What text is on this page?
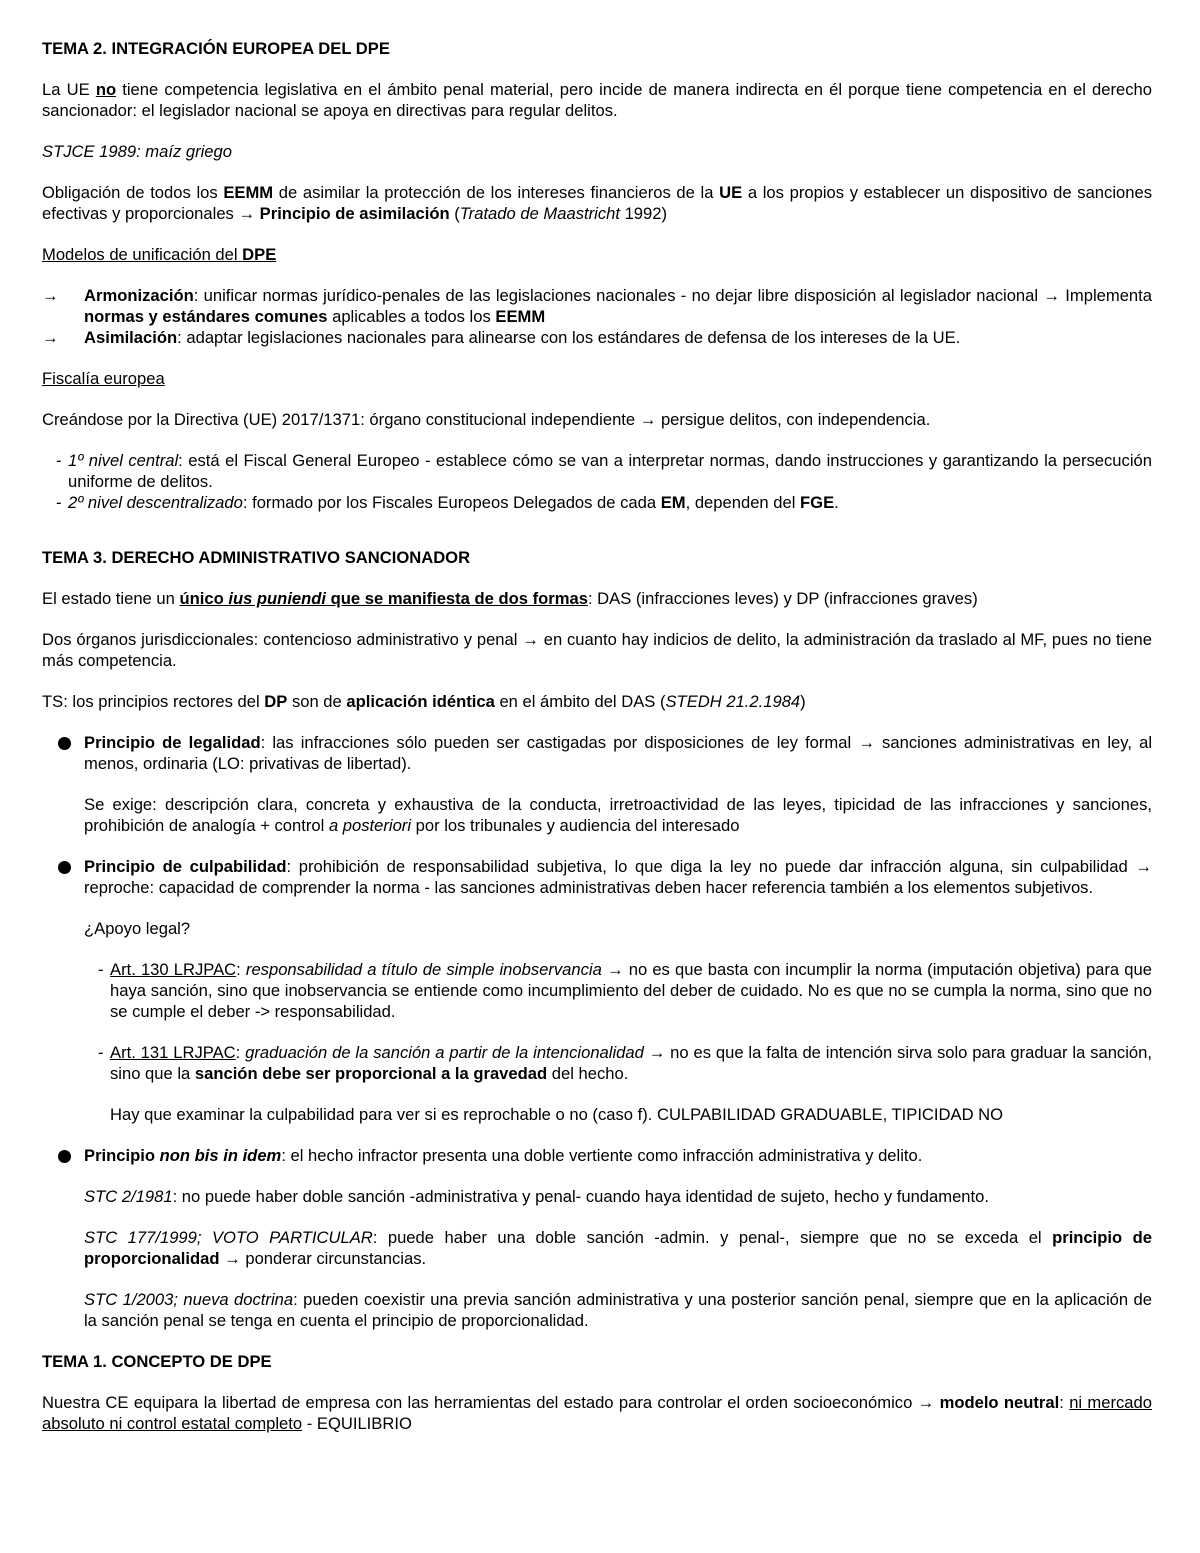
TEMA 2. INTEGRACIÓN EUROPEA DEL DPE

La UE no tiene competencia legislativa en el ámbito penal material, pero incide de manera indirecta en él porque tiene competencia en el derecho sancionador: el legislador nacional se apoya en directivas para regular delitos.

STJCE 1989: maíz griego

Obligación de todos los EEMM de asimilar la protección de los intereses financieros de la UE a los propios y establecer un dispositivo de sanciones efectivas y proporcionales → Principio de asimilación (Tratado de Maastricht 1992)

Modelos de unificación del DPE

→ Armonización: unificar normas jurídico-penales de las legislaciones nacionales - no dejar libre disposición al legislador nacional → Implementa normas y estándares comunes aplicables a todos los EEMM
→ Asimilación: adaptar legislaciones nacionales para alinearse con los estándares de defensa de los intereses de la UE.

Fiscalía europea

Creándose por la Directiva (UE) 2017/1371: órgano constitucional independiente → persigue delitos, con independencia.

- 1º nivel central: está el Fiscal General Europeo - establece cómo se van a interpretar normas, dando instrucciones y garantizando la persecución uniforme de delitos.
- 2º nivel descentralizado: formado por los Fiscales Europeos Delegados de cada EM, dependen del FGE.
TEMA 3. DERECHO ADMINISTRATIVO SANCIONADOR

El estado tiene un único ius puniendi que se manifiesta de dos formas: DAS (infracciones leves) y DP (infracciones graves)

Dos órganos jurisdiccionales: contencioso administrativo y penal → en cuanto hay indicios de delito, la administración da traslado al MF, pues no tiene más competencia.

TS: los principios rectores del DP son de aplicación idéntica en el ámbito del DAS (STEDH 21.2.1984)

Principio de legalidad: las infracciones sólo pueden ser castigadas por disposiciones de ley formal → sanciones administrativas en ley, al menos, ordinaria (LO: privativas de libertad).

Se exige: descripción clara, concreta y exhaustiva de la conducta, irretroactividad de las leyes, tipicidad de las infracciones y sanciones, prohibición de analogía + control a posteriori por los tribunales y audiencia del interesado

Principio de culpabilidad: prohibición de responsabilidad subjetiva, lo que diga la ley no puede dar infracción alguna, sin culpabilidad → reproche: capacidad de comprender la norma - las sanciones administrativas deben hacer referencia también a los elementos subjetivos.

¿Apoyo legal?

- Art. 130 LRJPAC: responsabilidad a título de simple inobservancia → no es que basta con incumplir la norma (imputación objetiva) para que haya sanción, sino que inobservancia se entiende como incumplimiento del deber de cuidado. No es que no se cumpla la norma, sino que no se cumple el deber -> responsabilidad.
- Art. 131 LRJPAC: graduación de la sanción a partir de la intencionalidad → no es que la falta de intención sirva solo para graduar la sanción, sino que la sanción debe ser proporcional a la gravedad del hecho.

Hay que examinar la culpabilidad para ver si es reprochable o no (caso f). CULPABILIDAD GRADUABLE, TIPICIDAD NO

Principio non bis in idem: el hecho infractor presenta una doble vertiente como infracción administrativa y delito.

STC 2/1981: no puede haber doble sanción -administrativa y penal- cuando haya identidad de sujeto, hecho y fundamento.

STC 177/1999; VOTO PARTICULAR: puede haber una doble sanción -admin. y penal-, siempre que no se exceda el principio de proporcionalidad → ponderar circunstancias.

STC 1/2003; nueva doctrina: pueden coexistir una previa sanción administrativa y una posterior sanción penal, siempre que en la aplicación de la sanción penal se tenga en cuenta el principio de proporcionalidad.

TEMA 1. CONCEPTO DE DPE

Nuestra CE equipara la libertad de empresa con las herramientas del estado para controlar el orden socioeconómico → modelo neutral: ni mercado absoluto ni control estatal completo - EQUILIBRIO
